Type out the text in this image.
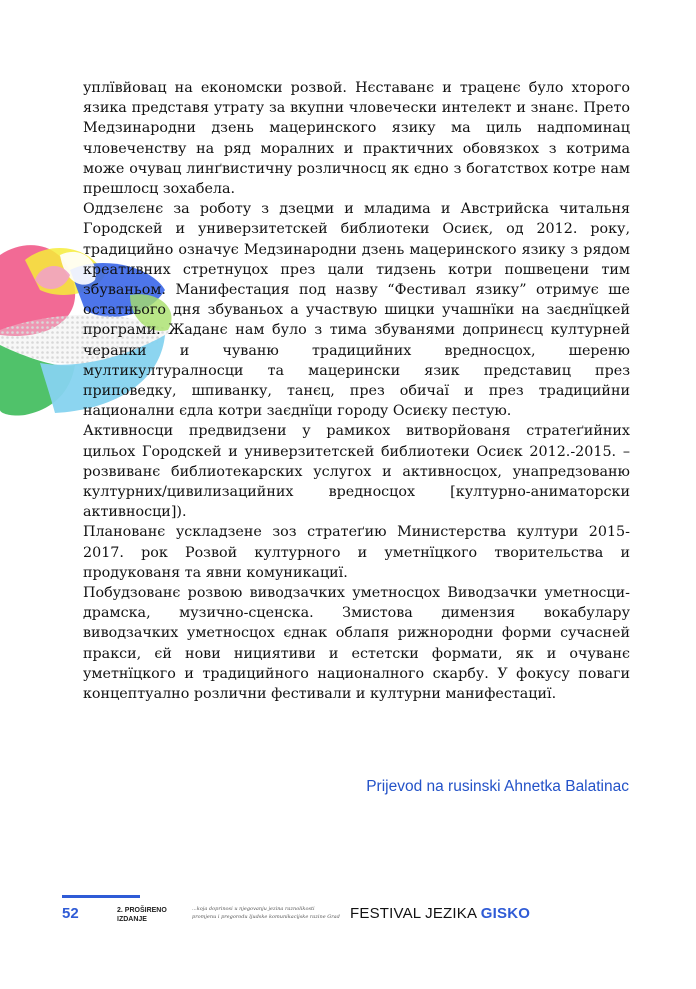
уплївйовац на економски розвой. Нєставанє и траценє було хторого язика представя утрату за вкупни чловечески интелект и знанє. Прето Медзинародни дзень мацеринского язику ма циль надпоминац чловеченству на ряд моралних и практичних обовязкох з котрима може очувац линґвистичну розличносц як єдно з богатствох котре нам прешлосц зохабела.

Оддзелєнє за роботу з дзецми и младима и Австрийска читальня Городскей и универзитетскей библиотеки Осиєк, од 2012. року, традицийно означує Медзинародни дзень мацеринского язику з рядом креативних стретнуцох през цали тидзень котри пошвецени тим збуваньом. Манифестация под назву “Фестивал язику” отримує ше остатнього дня збуваньох а участвую шицки учашнїки на заєднїцкей програми. Жаданє нам було з тима збуванями допринєсц културней черанки и чуваню традицийних вредносцох, шереню мултикултуралносци та мацерински язик представиц през приповедку, шпиванку, танєц, през обичаї и през традицийни национални єдла котри заєднїци городу Осиєку пестую.

Активносци предвидзени у рамикох витворйованя стратеґийних цильох Городскей и универзитетскей библиотеки Осиєк 2012.-2015. – розвиванє библиотекарских услугох и активносцох, унапредзованю културних/цивилизацийних вредносцох [културно-аниматорски активносци]).

Планованє ускладзене зоз стратеґию Министерства култури 2015-2017. рок Розвой културного и уметнїцкого творительства и продукованя та явни комуникациї.

Побудзованє розвою виводзачких уметносцох Виводзачки уметносци-драмска, музично-сценска. Змистова димензия вокабулару виводзачких уметносцох єднак облапя рижнородни форми сучасней пракси, єй нови нициятиви и естетски формати, як и очуванє уметнїцкого и традицийного националного скарбу. У фокусу поваги концептуално розлични фестивали и културни манифестациї.

Prijevod na rusinski Ahnetka Balatinac
52	2. PROŠIRENO
IZDANJE
...koja doprinosi u njegovanju jezina raznolikosti
promjenu i pregorodu ljudske komunikacijske razine Grad FESTIVAL JEZIKA GISKO
